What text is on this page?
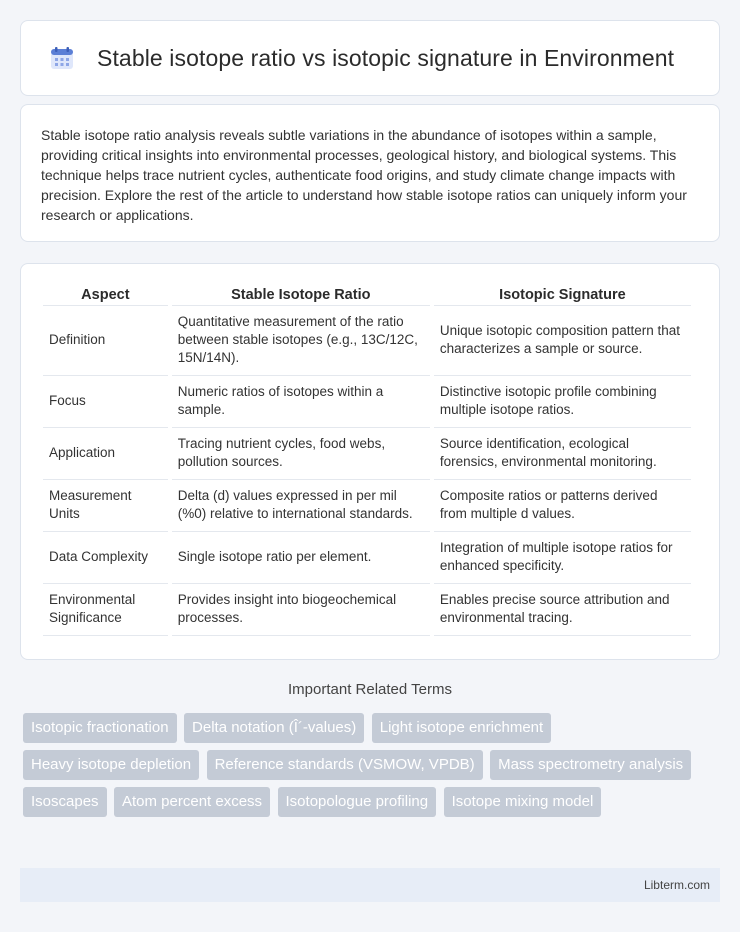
Stable isotope ratio vs isotopic signature in Environment

Stable isotope ratio analysis reveals subtle variations in the abundance of isotopes within a sample, providing critical insights into environmental processes, geological history, and biological systems. This technique helps trace nutrient cycles, authenticate food origins, and study climate change impacts with precision. Explore the rest of the article to understand how stable isotope ratios can uniquely inform your research or applications.

Aspect	Stable Isotope Ratio	Isotopic Signature
Definition	Quantitative measurement of the ratio between stable isotopes (e.g., 13C/12C, 15N/14N).	Unique isotopic composition pattern that characterizes a sample or source.
Focus	Numeric ratios of isotopes within a sample.	Distinctive isotopic profile combining multiple isotope ratios.
Application	Tracing nutrient cycles, food webs, pollution sources.	Source identification, ecological forensics, environmental monitoring.
Measurement Units	Delta (d) values expressed in per mil (%0) relative to international standards.	Composite ratios or patterns derived from multiple d values.
Data Complexity	Single isotope ratio per element.	Integration of multiple isotope ratios for enhanced specificity.
Environmental Significance	Provides insight into biogeochemical processes.	Enables precise source attribution and environmental tracing.
Important Related Terms
Isotopic fractionation Delta notation (Î´-values) Light isotope enrichment Heavy isotope depletion Reference standards (VSMOW, VPDB) Mass spectrometry analysis Isoscapes Atom percent excess Isotopologue profiling Isotope mixing model
Libterm.com
